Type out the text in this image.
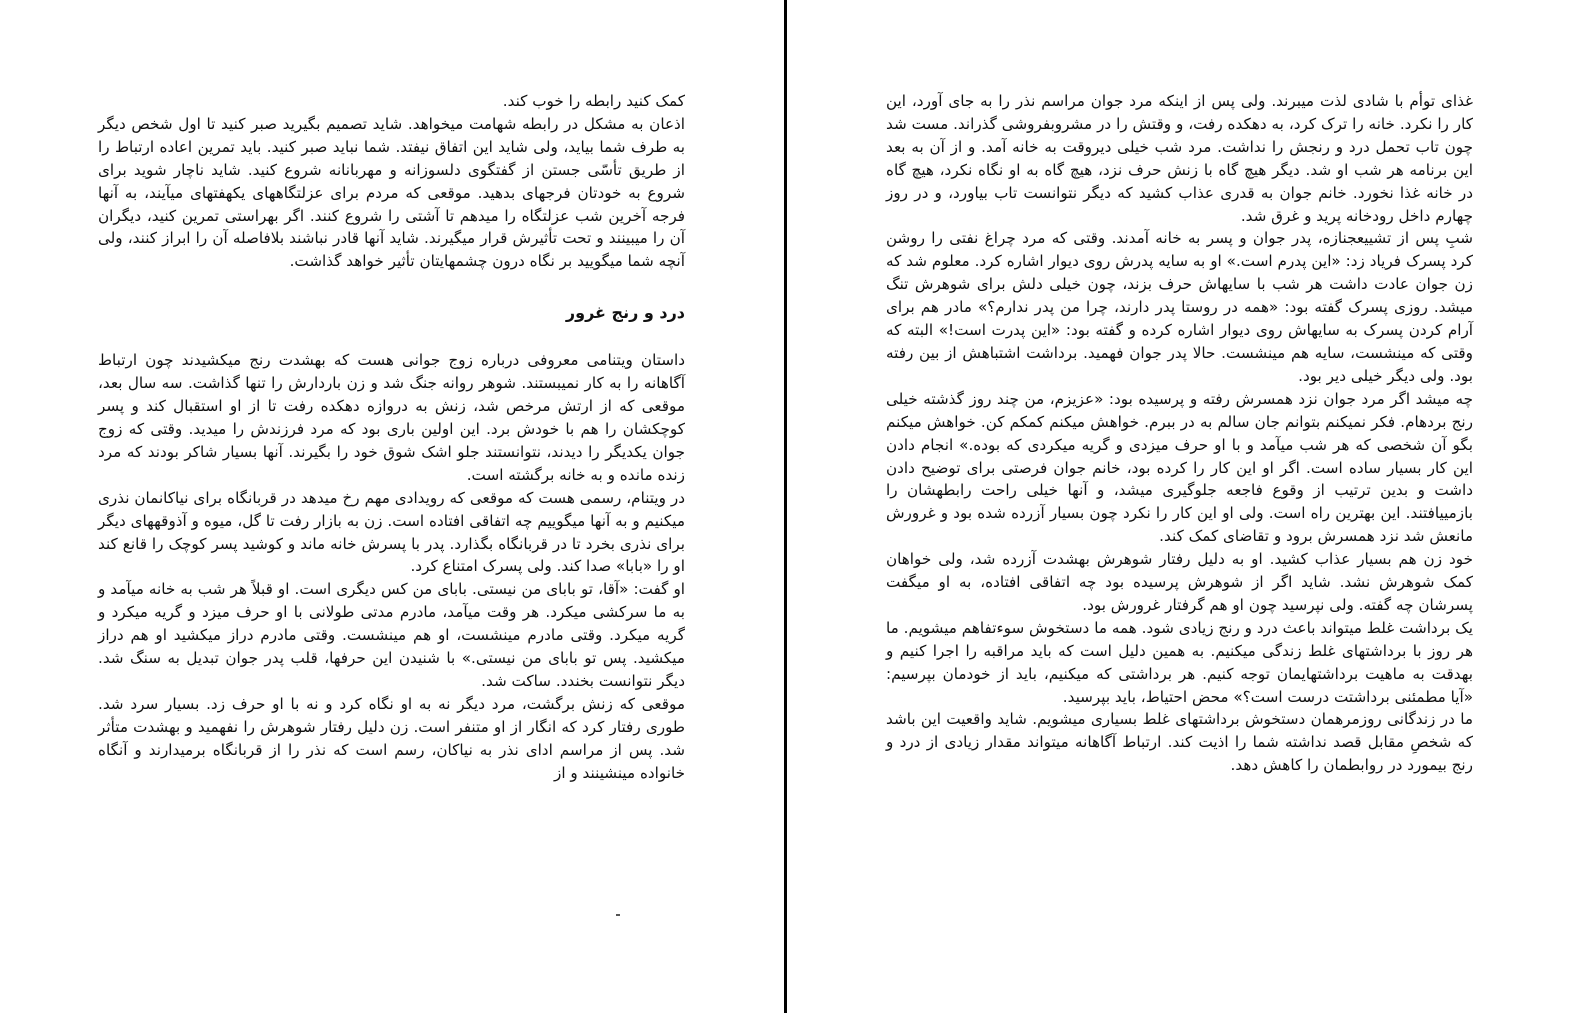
کمک کنید رابطه را خوب کند.

اذعان به مشکل در رابطه شهامت میخواهد. شاید تصمیم بگیرید صبر کنید تا اول شخص دیگر به طرف شما بیاید، ولی شاید این اتفاق نیفتد. شما نباید صبر کنید. باید تمرین اعاده ارتباط را از طریق تأسّی جستن از گفتگوی دلسوزانه و مهربانانه شروع کنید. شاید ناچار شوید برای شروع به خودتان فرجهای بدهید. موقعی که مردم برای عزلتگاههای یکهفتهای میآیند، به آنها فرجه آخرین شب عزلتگاه را میدهم تا آشتی را شروع کنند. اگر بهراستی تمرین کنید، دیگران آن را میبینند و تحت تأثیرش قرار میگیرند. شاید آنها قادر نباشند بلافاصله آن را ابراز کنند، ولی آنچه شما میگویید بر نگاه درون چشمهایتان تأثیر خواهد گذاشت.

درد و رنج غرور

داستان ویتنامی معروفی درباره زوج جوانی هست که بهشدت رنج میکشیدند چون ارتباط آگاهانه را به کار نمیبستند. شوهر روانه جنگ شد و زن باردارش را تنها گذاشت. سه سال بعد، موقعی که از ارتش مرخص شد، زنش به دروازه دهکده رفت تا از او استقبال کند و پسر کوچکشان را هم با خودش برد. این اولین باری بود که مرد فرزندش را میدید. وقتی که زوج جوان یکدیگر را دیدند، نتوانستند جلو اشک شوق خود را بگیرند. آنها بسیار شاکر بودند که مرد زنده مانده و به خانه برگشته است.

در ویتنام، رسمی هست که موقعی که رویدادی مهم رخ میدهد در قربانگاه برای نیاکانمان نذری میکنیم و به آنها میگوییم چه اتفاقی افتاده است. زن به بازار رفت تا گل، میوه و آذوقههای دیگر برای نذری بخرد تا در قربانگاه بگذارد. پدر با پسرش خانه ماند و کوشید پسر کوچک را قانع کند او را «بابا» صدا کند. ولی پسرک امتناع کرد.

او گفت: «آقا، تو بابای من نیستی. بابای من کس دیگری است. او قبلاً هر شب به خانه میآمد و به ما سرکشی میکرد. هر وقت میآمد، مادرم مدتی طولانی با او حرف میزد و گریه میکرد و گریه میکرد. وقتی مادرم مینشست، او هم مینشست. وقتی مادرم دراز میکشید او هم دراز میکشید. پس تو بابای من نیستی.» با شنیدن این حرفها، قلب پدر جوان تبدیل به سنگ شد. دیگر نتوانست بخندد. ساکت شد.

موقعی که زنش برگشت، مرد دیگر نه به او نگاه کرد و نه با او حرف زد. بسیار سرد شد. طوری رفتار کرد که انگار از او متنفر است. زن دلیل رفتار شوهرش را نفهمید و بهشدت متأثر شد. پس از مراسم ادای نذر به نیاکان، رسم است که نذر را از قربانگاه برمیدارند و آنگاه خانواده مینشینند و از

غذای توأم با شادی لذت میبرند. ولی پس از اینکه مرد جوان مراسم نذر را به جای آورد، این کار را نکرد. خانه را ترک کرد، به دهکده رفت، و وقتش را در مشروبفروشی گذراند. مست شد چون تاب تحمل درد و رنجش را نداشت. مرد شب خیلی دیروقت به خانه آمد. و از آن به بعد این برنامه هر شب او شد. دیگر هیچ گاه با زنش حرف نزد، هیچ گاه به او نگاه نکرد، هیچ گاه در خانه غذا نخورد. خانم جوان به قدری عذاب کشید که دیگر نتوانست تاب بیاورد، و در روز چهارم داخل رودخانه پرید و غرق شد.

شبِ پس از تشییعجنازه، پدر جوان و پسر به خانه آمدند. وقتی که مرد چراغ نفتی را روشن کرد پسرک فریاد زد: «این پدرم است.» او به سایه پدرش روی دیوار اشاره کرد. معلوم شد که زن جوان عادت داشت هر شب با سایهاش حرف بزند، چون خیلی دلش برای شوهرش تنگ میشد. روزی پسرک گفته بود: «همه در روستا پدر دارند، چرا من پدر ندارم؟» مادر هم برای آرام کردن پسرک به سایهاش روی دیوار اشاره کرده و گفته بود: «این پدرت است!» البته که وقتی که مینشست، سایه هم مینشست. حالا پدر جوان فهمید. برداشت اشتباهش از بین رفته بود. ولی دیگر خیلی دیر بود.

چه میشد اگر مرد جوان نزد همسرش رفته و پرسیده بود: «عزیزم، من چند روز گذشته خیلی رنج بردهام. فکر نمیکنم بتوانم جان سالم به در ببرم. خواهش میکنم کمکم کن. خواهش میکنم بگو آن شخصی که هر شب میآمد و با او حرف میزدی و گریه میکردی که بوده.» انجام دادن این کار بسیار ساده است. اگر او این کار را کرده بود، خانم جوان فرصتی برای توضیح دادن داشت و بدین ترتیب از وقوع فاجعه جلوگیری میشد، و آنها خیلی راحت رابطهشان را بازمییافتند. این بهترین راه است. ولی او این کار را نکرد چون بسیار آزرده شده بود و غرورش مانعش شد نزد همسرش برود و تقاضای کمک کند.

خود زن هم بسیار عذاب کشید. او به دلیل رفتار شوهرش بهشدت آزرده شد، ولی خواهان کمک شوهرش نشد. شاید اگر از شوهرش پرسیده بود چه اتفاقی افتاده، به او میگفت پسرشان چه گفته. ولی نپرسید چون او هم گرفتار غرورش بود.

یک برداشت غلط میتواند باعث درد و رنج زیادی شود. همه ما دستخوش سوءتفاهم میشویم. ما هر روز با برداشتهای غلط زندگی میکنیم. به همین دلیل است که باید مراقبه را اجرا کنیم و بهدقت به ماهیت برداشتهایمان توجه کنیم. هر برداشتی که میکنیم، باید از خودمان بپرسیم: «آیا مطمئنی برداشتت درست است؟» محض احتیاط، باید بپرسید.

ما در زندگانی روزمرهمان دستخوش برداشتهای غلط بسیاری میشویم. شاید واقعیت این باشد که شخصِ مقابل قصد نداشته شما را اذیت کند. ارتباط آگاهانه میتواند مقدار زیادی از درد و رنج بیمورد در روابطمان را کاهش دهد.
